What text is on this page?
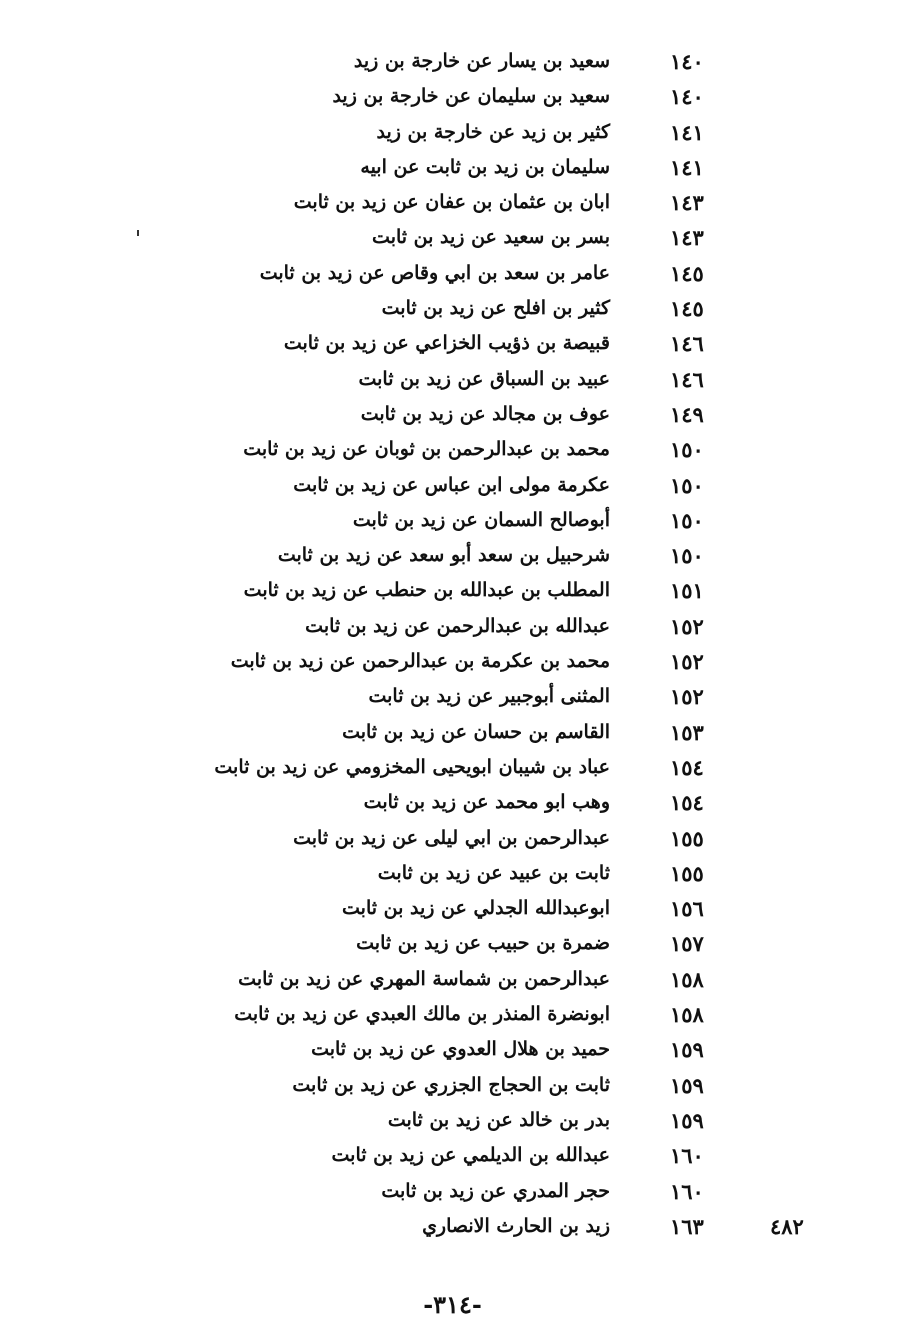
١٤٠
سعيد بن يسار عن خارجة بن زيد
١٤٠
سعيد بن سليمان عن خارجة بن زيد
١٤١
كثير بن زيد عن خارجة بن زيد
١٤١
سليمان بن زيد بن ثابت عن ابيه
١٤٣
ابان بن عثمان بن عفان عن زيد بن ثابت
١٤٣
بسر بن سعيد عن زيد بن ثابت
١٤٥
عامر بن سعد بن ابي وقاص عن زيد بن ثابت
١٤٥
كثير بن افلح عن زيد بن ثابت
١٤٦
قبيصة بن ذؤيب الخزاعي عن زيد بن ثابت
١٤٦
عبيد بن السباق عن زيد بن ثابت
١٤٩
عوف بن مجالد عن زيد بن ثابت
١٥٠
محمد بن عبدالرحمن بن ثوبان عن زيد بن ثابت
١٥٠
عكرمة مولى ابن عباس عن زيد بن ثابت
١٥٠
أبوصالح السمان عن زيد بن ثابت
١٥٠
شرحبيل بن سعد أبو سعد عن زيد بن ثابت
١٥١
المطلب بن عبدالله بن حنطب عن زيد بن ثابت
١٥٢
عبدالله بن عبدالرحمن عن زيد بن ثابت
١٥٢
محمد بن عكرمة بن عبدالرحمن عن زيد بن ثابت
١٥٢
المثنى أبوجبير عن زيد بن ثابت
١٥٣
القاسم بن حسان عن زيد بن ثابت
١٥٤
عباد بن شيبان ابويحيى المخزومي عن زيد بن ثابت
١٥٤
وهب ابو محمد عن زيد بن ثابت
١٥٥
عبدالرحمن بن ابي ليلى عن زيد بن ثابت
١٥٥
ثابت بن عبيد عن زيد بن ثابت
١٥٦
ابوعبدالله الجدلي عن زيد بن ثابت
١٥٧
ضمرة بن حبيب عن زيد بن ثابت
١٥٨
عبدالرحمن بن شماسة المهري عن زيد بن ثابت
١٥٨
ابونضرة المنذر بن مالك العبدي عن زيد بن ثابت
١٥٩
حميد بن هلال العدوي عن زيد بن ثابت
١٥٩
ثابت بن الحجاج الجزري عن زيد بن ثابت
١٥٩
بدر بن خالد عن زيد بن ثابت
١٦٠
عبدالله بن الديلمي عن زيد بن ثابت
١٦٠
حجر المدري عن زيد بن ثابت
١٦٣
زيد بن الحارث الانصاري	٤٨٢
-٣١٤-
